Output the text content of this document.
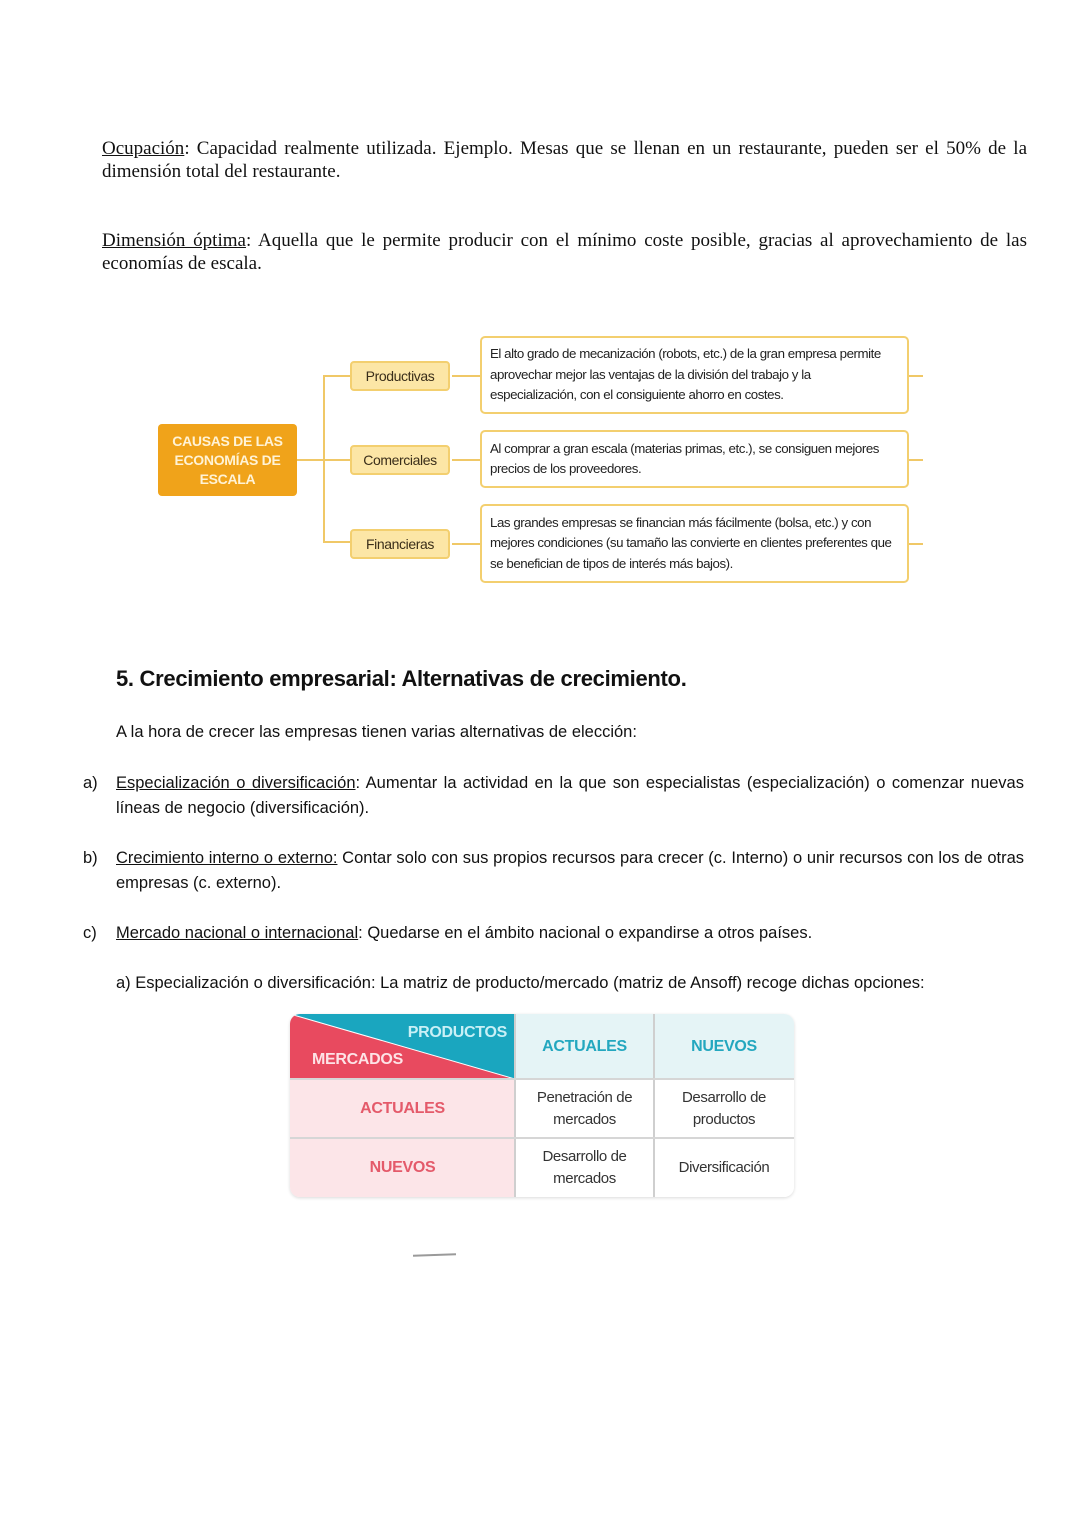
Ocupación: Capacidad realmente utilizada. Ejemplo. Mesas que se llenan en un restaurante, pueden ser el 50% de la dimensión total del restaurante.
Dimensión óptima: Aquella que le permite producir con el mínimo coste posible, gracias al aprovechamiento de las economías de escala.
CAUSAS DE LAS ECONOMÍAS DE ESCALA
Productivas
Comerciales
Financieras
El alto grado de mecanización (robots, etc.) de la gran empresa permite aprovechar mejor las ventajas de la división del trabajo y la especialización, con el consiguiente ahorro en costes.
Al comprar a gran escala (materias primas, etc.), se consiguen mejores precios de los proveedores.
Las grandes empresas se financian más fácilmente (bolsa, etc.) y con mejores condiciones (su tamaño las convierte en clientes preferentes que se benefician de tipos de interés más bajos).
5. Crecimiento empresarial: Alternativas de crecimiento.
A la hora de crecer las empresas tienen varias alternativas de elección:
a) Especialización o diversificación: Aumentar la actividad en la que son especialistas (especialización) o comenzar nuevas líneas de negocio (diversificación).
b) Crecimiento interno o externo: Contar solo con sus propios recursos para crecer (c. Interno) o unir recursos con los de otras empresas (c. externo).
c) Mercado nacional o internacional: Quedarse en el ámbito nacional o expandirse a otros países.
a) Especialización o diversificación: La matriz de producto/mercado (matriz de Ansoff) recoge dichas opciones:
PRODUCTOS
MERCADOS
ACTUALES	NUEVOS
ACTUALES
Penetración de mercados
Desarrollo de productos
NUEVOS
Desarrollo de mercados
Diversificación
